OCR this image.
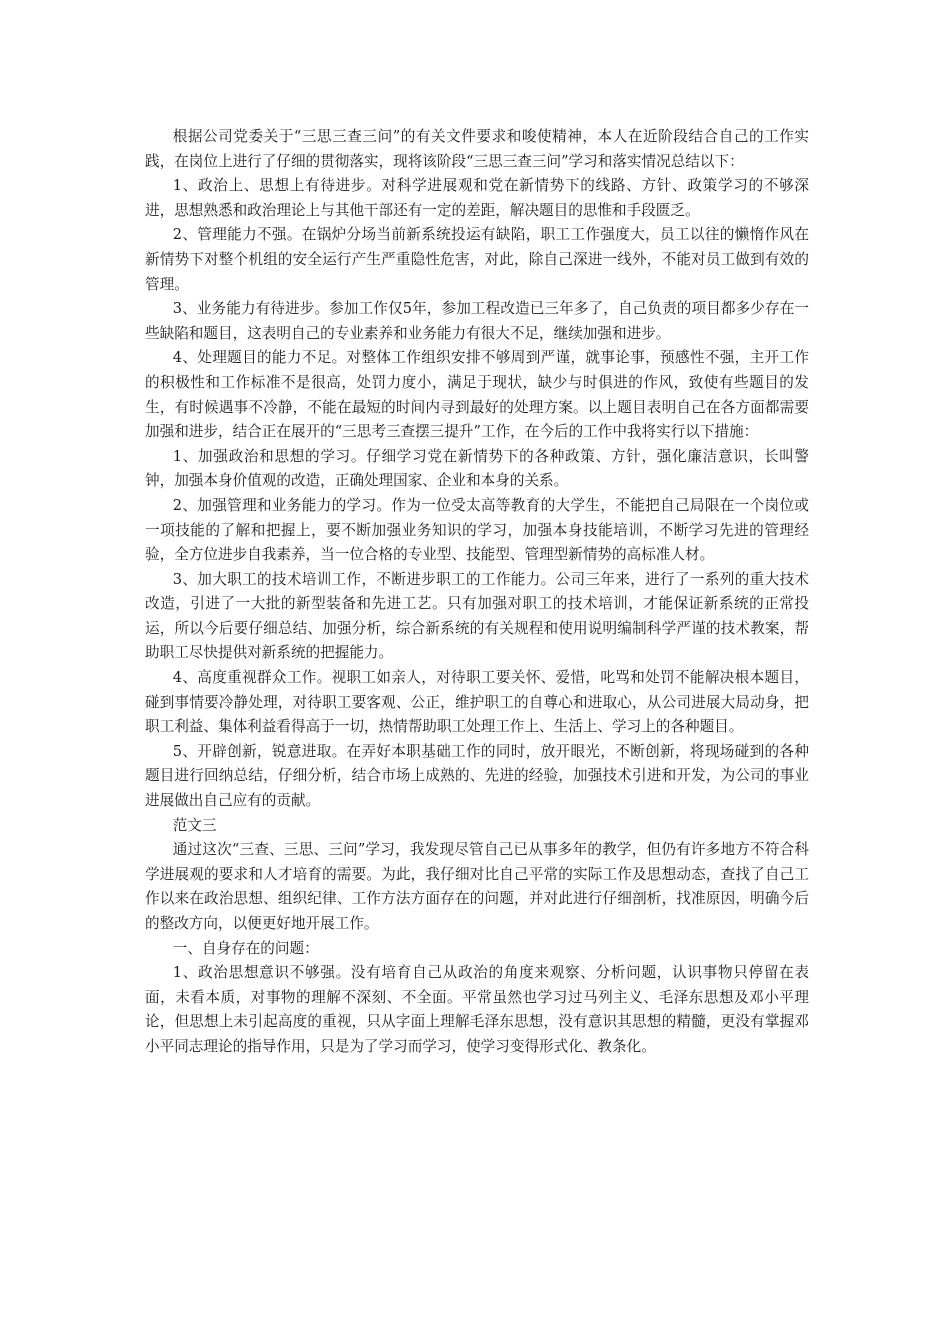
根据公司党委关于“三思三查三问”的有关文件要求和唆使精神，本人在近阶段结合自己的工作实践，在岗位上进行了仔细的贯彻落实，现将该阶段“三思三查三问”学习和落实情况总结以下：

1、政治上、思想上有待进步。对科学进展观和党在新情势下的线路、方针、政策学习的不够深进，思想熟悉和政治理论上与其他干部还有一定的差距，解决题目的思惟和手段匮乏。

2、管理能力不强。在锅炉分场当前新系统投运有缺陷，职工工作强度大，员工以往的懒惰作风在新情势下对整个机组的安全运行产生严重隐性危害，对此，除自己深进一线外，不能对员工做到有效的管理。

3、业务能力有待进步。参加工作仅5年，参加工程改造已三年多了，自己负责的项目都多少存在一些缺陷和题目，这表明自己的专业素养和业务能力有很大不足，继续加强和进步。

4、处理题目的能力不足。对整体工作组织安排不够周到严谨，就事论事，预感性不强，主开工作的积极性和工作标准不是很高，处罚力度小，满足于现状，缺少与时俱进的作风，致使有些题目的发生，有时候遇事不冷静，不能在最短的时间内寻到最好的处理方案。以上题目表明自己在各方面都需要加强和进步，结合正在展开的“三思考三查摆三提升”工作，在今后的工作中我将实行以下措施：

1、加强政治和思想的学习。仔细学习党在新情势下的各种政策、方针，强化廉洁意识，长叫警钟，加强本身价值观的改造，正确处理国家、企业和本身的关系。

2、加强管理和业务能力的学习。作为一位受太高等教育的大学生，不能把自己局限在一个岗位或一项技能的了解和把握上，要不断加强业务知识的学习，加强本身技能培训，不断学习先进的管理经验，全方位进步自我素养，当一位合格的专业型、技能型、管理型新情势的高标准人材。

3、加大职工的技术培训工作，不断进步职工的工作能力。公司三年来，进行了一系列的重大技术改造，引进了一大批的新型装备和先进工艺。只有加强对职工的技术培训，才能保证新系统的正常投运，所以今后要仔细总结、加强分析，综合新系统的有关规程和使用说明编制科学严谨的技术教案，帮助职工尽快提供对新系统的把握能力。

4、高度重视群众工作。视职工如亲人，对待职工要关怀、爱惜，叱骂和处罚不能解决根本题目，碰到事情要冷静处理，对待职工要客观、公正，维护职工的自尊心和进取心，从公司进展大局动身，把职工利益、集体利益看得高于一切，热情帮助职工处理工作上、生活上、学习上的各种题目。

5、开辟创新，锐意进取。在弄好本职基础工作的同时，放开眼光，不断创新，将现场碰到的各种题目进行回纳总结，仔细分析，结合市场上成熟的、先进的经验，加强技术引进和开发，为公司的事业进展做出自己应有的贡献。

范文三

通过这次“三查、三思、三问”学习，我发现尽管自己已从事多年的教学，但仍有许多地方不符合科学进展观的要求和人才培育的需要。为此，我仔细对比自己平常的实际工作及思想动态，查找了自己工作以来在政治思想、组织纪律、工作方法方面存在的问题，并对此进行仔细剖析，找准原因，明确今后的整改方向，以便更好地开展工作。

一、自身存在的问题：

1、政治思想意识不够强。没有培育自己从政治的角度来观察、分析问题，认识事物只停留在表面，未看本质，对事物的理解不深刻、不全面。平常虽然也学习过马列主义、毛泽东思想及邓小平理论，但思想上未引起高度的重视，只从字面上理解毛泽东思想，没有意识其思想的精髓，更没有掌握邓小平同志理论的指导作用，只是为了学习而学习，使学习变得形式化、教条化。
